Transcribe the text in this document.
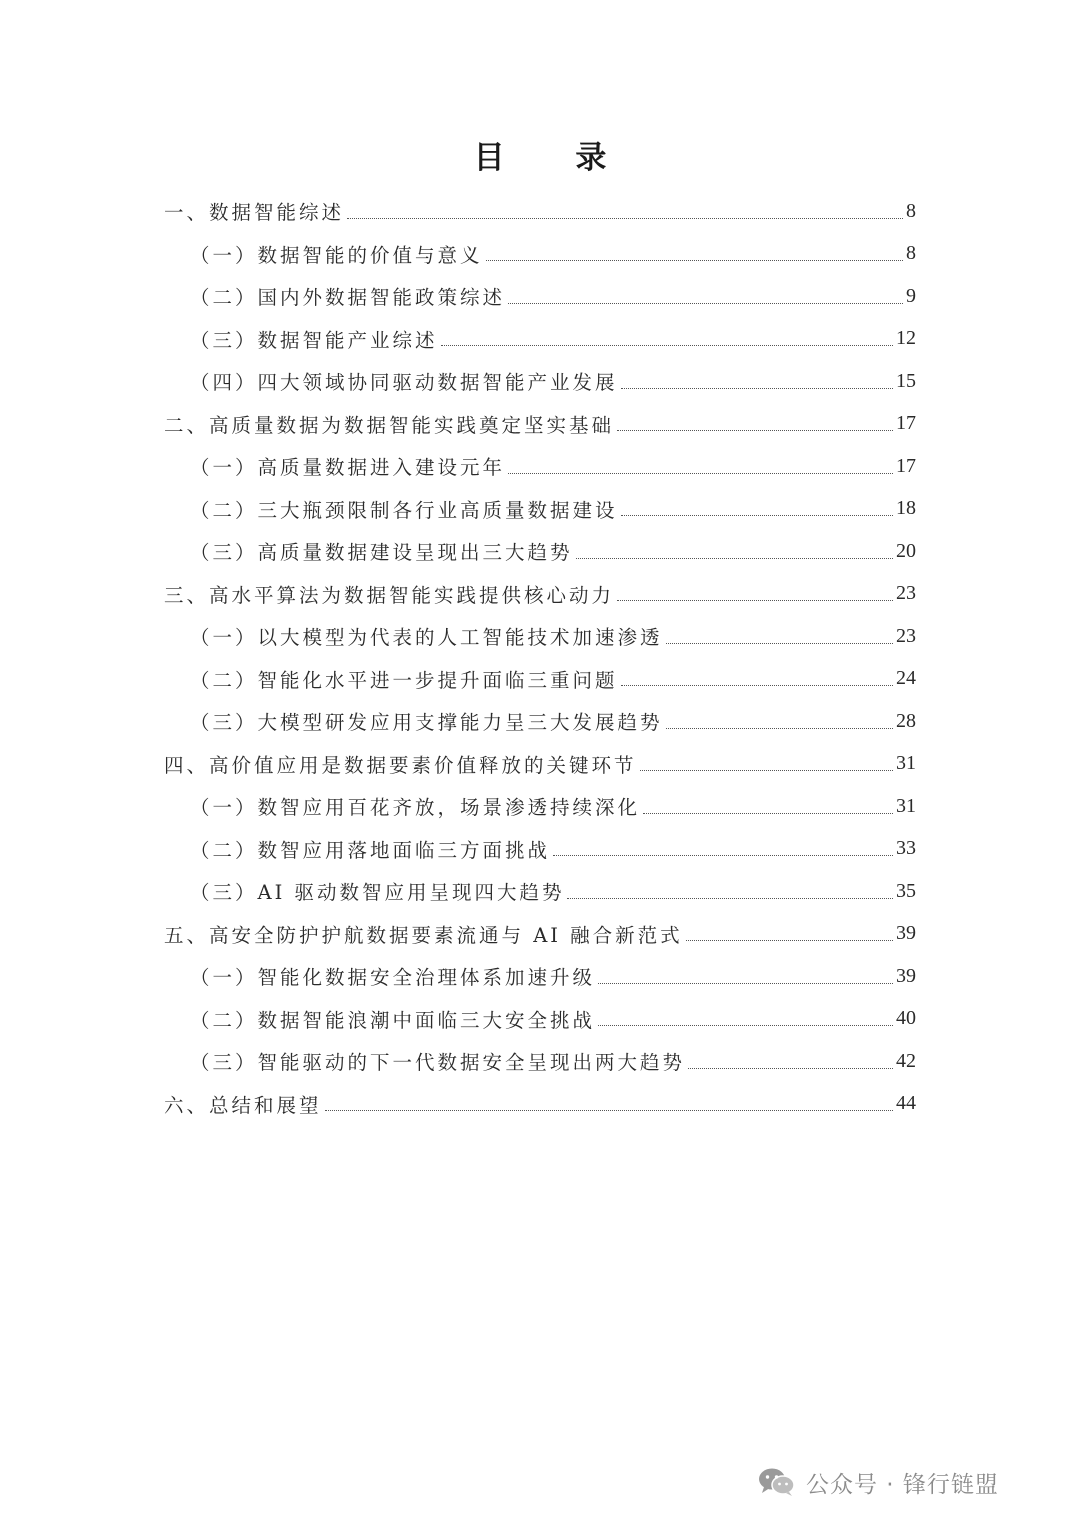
目 录
一、数据智能综述	8
（一）数据智能的价值与意义	8
（二）国内外数据智能政策综述	9
（三）数据智能产业综述	12
（四）四大领域协同驱动数据智能产业发展	15
二、高质量数据为数据智能实践奠定坚实基础	17
（一）高质量数据进入建设元年	17
（二）三大瓶颈限制各行业高质量数据建设	18
（三）高质量数据建设呈现出三大趋势	20
三、高水平算法为数据智能实践提供核心动力	23
（一）以大模型为代表的人工智能技术加速渗透	23
（二）智能化水平进一步提升面临三重问题	24
（三）大模型研发应用支撑能力呈三大发展趋势	28
四、高价值应用是数据要素价值释放的关键环节	31
（一）数智应用百花齐放，场景渗透持续深化	31
（二）数智应用落地面临三方面挑战	33
（三）AI 驱动数智应用呈现四大趋势	35
五、高安全防护护航数据要素流通与 AI 融合新范式	39
（一）智能化数据安全治理体系加速升级	39
（二）数据智能浪潮中面临三大安全挑战	40
（三）智能驱动的下一代数据安全呈现出两大趋势	42
六、总结和展望	44
公众号 · 锋行链盟
